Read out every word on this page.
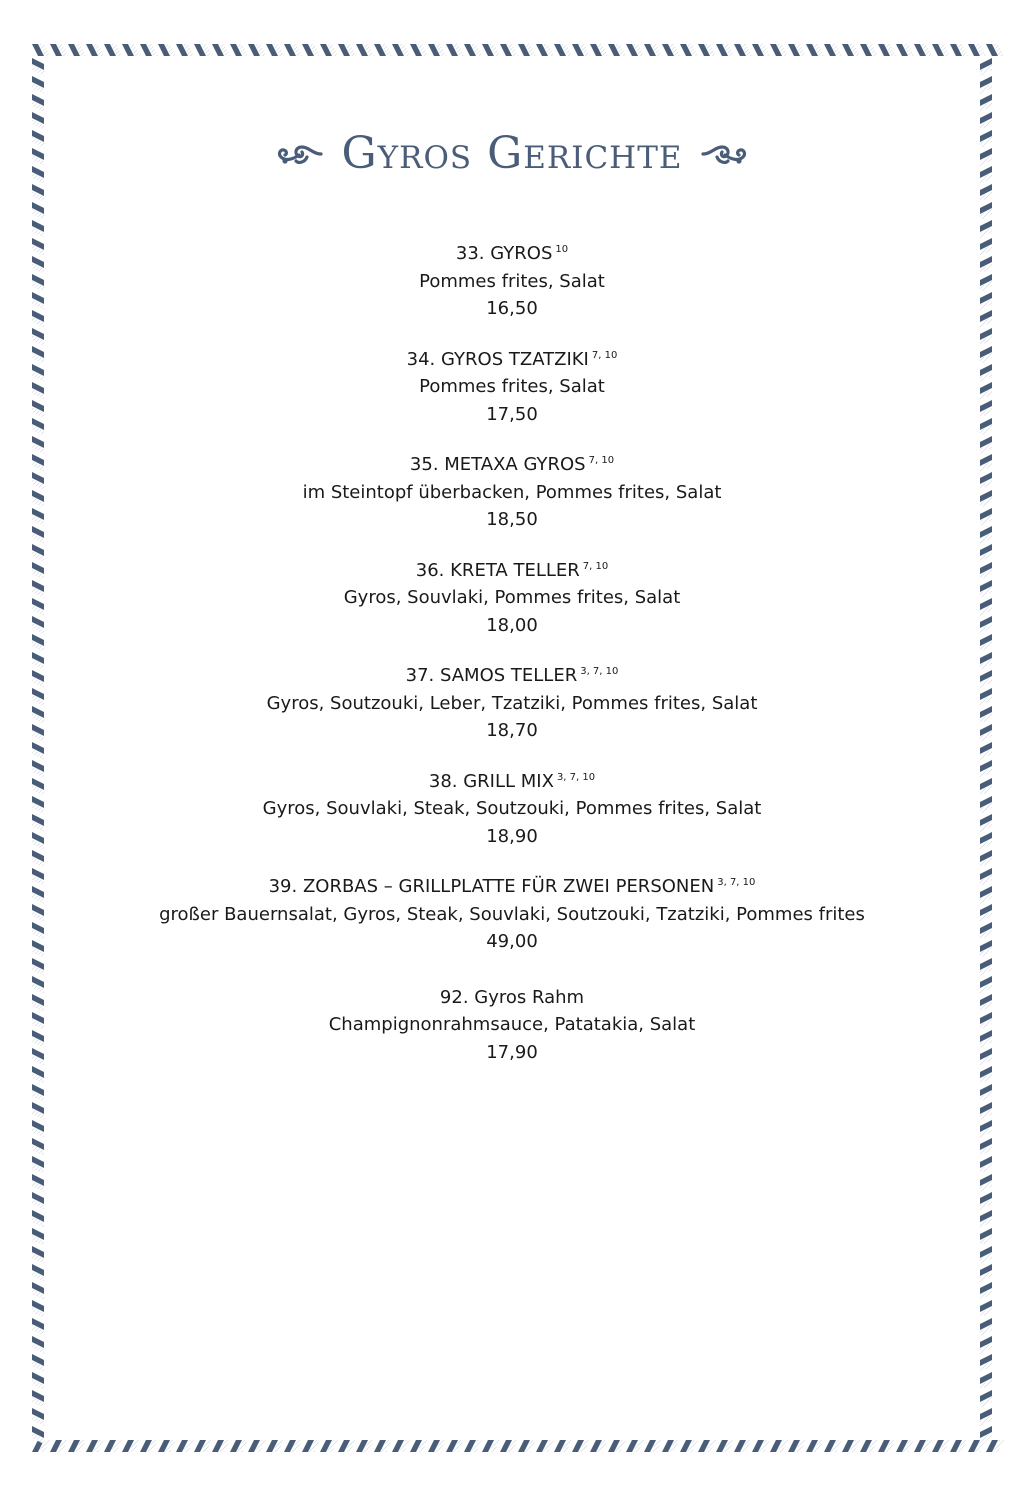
Gyros Gerichte
33. GYROS $^{10}$
Pommes frites, Salat
16,50
34. GYROS TZATZIKI $^{7, 10}$
Pommes frites, Salat
17,50
35. METAXA GYROS $^{7, 10}$
im Steintopf überbacken, Pommes frites, Salat
18,50
36. KRETA TELLER $^{7, 10}$
Gyros, Souvlaki, Pommes frites, Salat
18,00
37. SAMOS TELLER $^{3, 7, 10}$
Gyros, Soutzouki, Leber, Tzatziki, Pommes frites, Salat
18,70
38. GRILL MIX $^{3, 7, 10}$
Gyros, Souvlaki, Steak, Soutzouki, Pommes frites, Salat
18,90
39. ZORBAS – GRILLPLATTE FÜR ZWEI PERSONEN $^{3, 7, 10}$
großer Bauernsalat, Gyros, Steak, Souvlaki, Soutzouki, Tzatziki, Pommes frites
49,00
92. Gyros Rahm
Champignonrahmsauce, Patatakia, Salat
17,90
